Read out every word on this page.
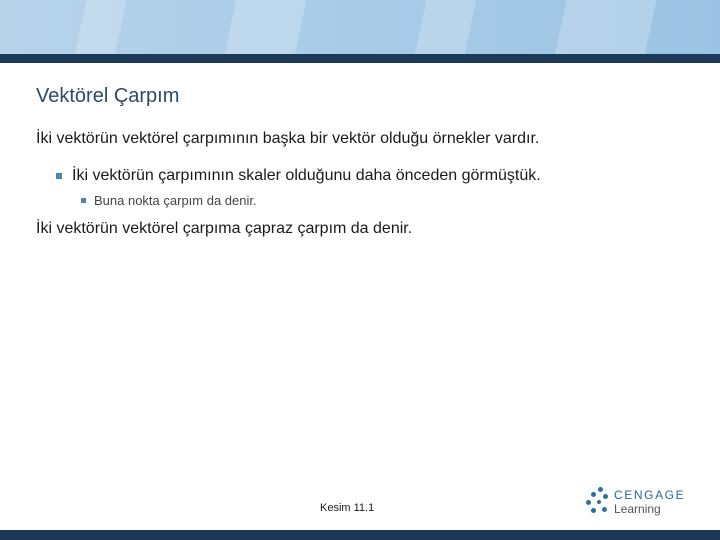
Vektörel Çarpım

İki vektörün vektörel çarpımının başka bir vektör olduğu örnekler vardır.

İki vektörün çarpımının skaler olduğunu daha önceden görmüştük.
Buna nokta çarpım da denir.

İki vektörün vektörel çarpıma çapraz çarpım da denir.

Kesim 11.1
CENGAGE
Learning
